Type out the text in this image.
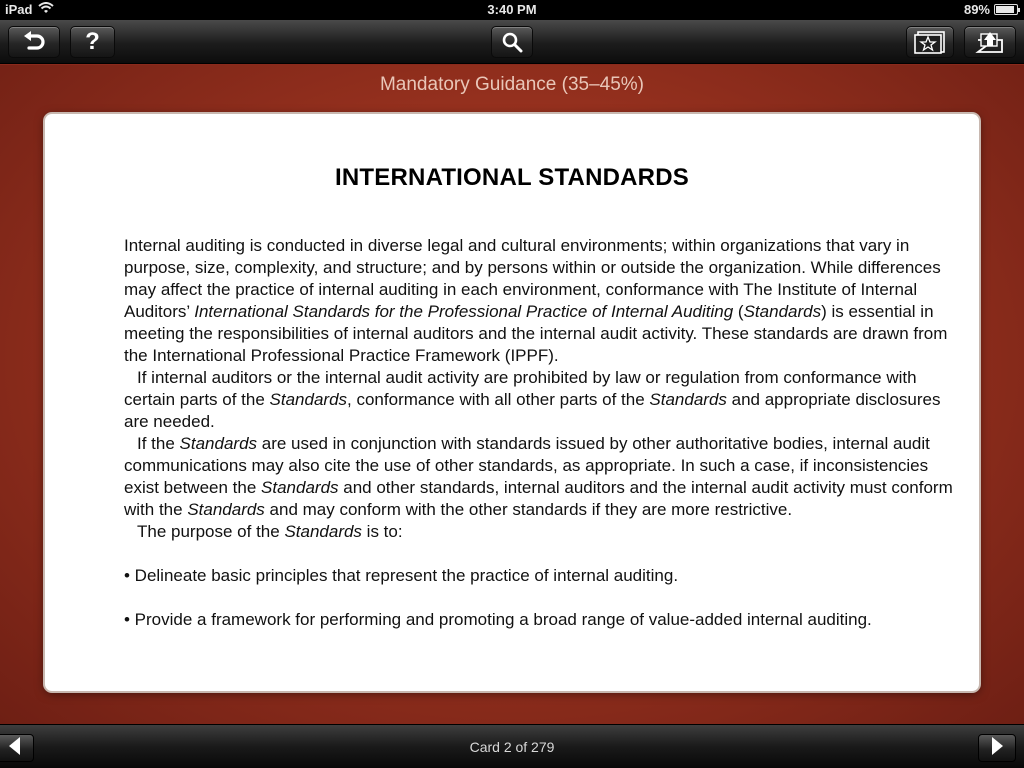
iPad	3:40 PM	89%
?
Mandatory Guidance (35–45%)
INTERNATIONAL STANDARDS

Internal auditing is conducted in diverse legal and cultural environments; within organizations that vary in purpose, size, complexity, and structure; and by persons within or outside the organization. While differences may affect the practice of internal auditing in each environment, conformance with The Institute of Internal Auditors’ International Standards for the Professional Practice of Internal Auditing (Standards) is essential in meeting the responsibilities of internal auditors and the internal audit activity. These standards are drawn from the International Professional Practice Framework (IPPF).

If internal auditors or the internal audit activity are prohibited by law or regulation from conformance with certain parts of the Standards, conformance with all other parts of the Standards and appropriate disclosures are needed.

If the Standards are used in conjunction with standards issued by other authoritative bodies, internal audit communications may also cite the use of other standards, as appropriate. In such a case, if inconsistencies exist between the Standards and other standards, internal auditors and the internal audit activity must conform with the Standards and may conform with the other standards if they are more restrictive.

The purpose of the Standards is to:

• Delineate basic principles that represent the practice of internal auditing.

• Provide a framework for performing and promoting a broad range of value-added internal auditing.

Card 2 of 279
